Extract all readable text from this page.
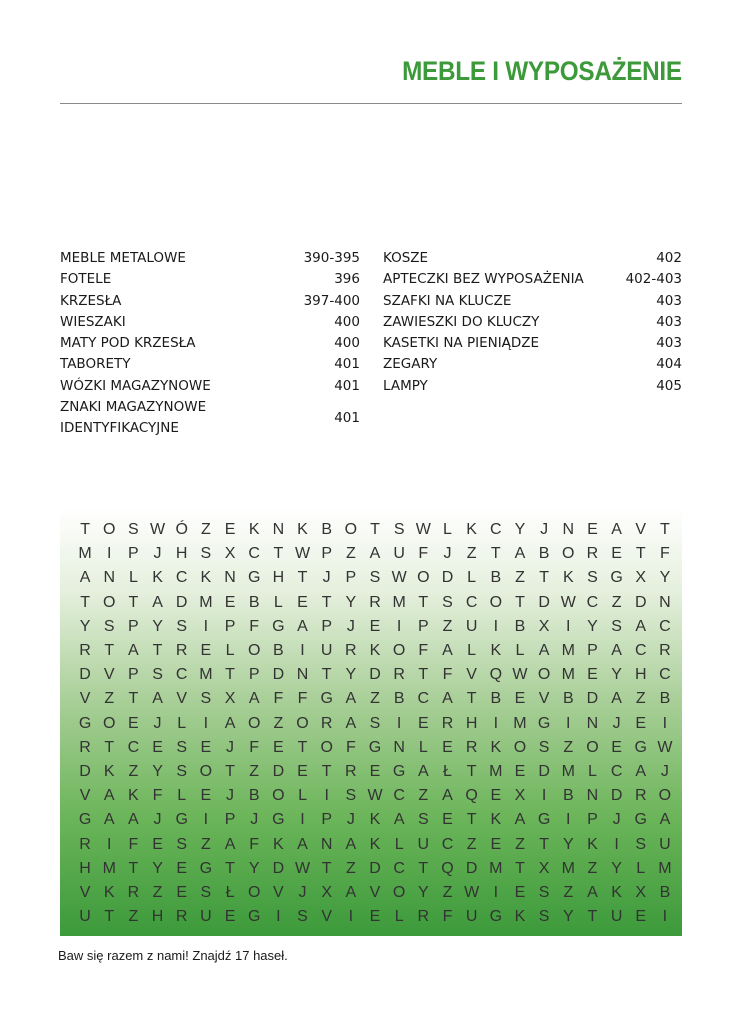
MEBLE I WYPOSAŻENIE
MEBLE METALOWE	390-395
FOTELE	396
KRZESŁA	397-400
WIESZAKI	400
MATY POD KRZESŁA	400
TABORETY	401
WÓZKI MAGAZYNOWE	401
ZNAKI MAGAZYNOWE IDENTYFIKACYJNE
401
KOSZE	402
APTECZKI BEZ WYPOSAŻENIA	402-403
SZAFKI NA KLUCZE	403
ZAWIESZKI DO KLUCZY	403
KASETKI NA PIENIĄDZE	403
ZEGARY	404
LAMPY	405
T O S W Ó Z E K N K B O T S W L K C Y J N E A V T
M I	P J H S X C T W P Z A U F J Z T A B O R E T F
A N L K C K N G H T J P S W O D L B Z T K S G X Y
T O T A D M E B L E T Y R M T S C O T D W C Z D N
Y S P Y S	I	P F G A P J E	I	P Z U	I	B X	I	Y S A C
R T A T R E L O B	I	U R K O F A L K L A M P A C R
D V P S C M T P D N T Y D R T F V Q W O M E Y H C
V Z T A V S X A F F G A Z B C A T B E V B D A Z B
G O E J L	I	A O Z O R A S	I	E R H	I M G I	N J E	I
R T C E S E J F E T O F G N L E R K O S Z O E G W
D K Z Y S O T Z D E T R E G A Ł T M E D M L C A J
V A K F L E J B O L	I	S W C Z A Q E X	I	B N D R O
G A A J G I	P J G I	P J K A S E T K A G I	P J G A
R	I	F E S Z A F K A N A K L U C Z E Z T Y K	I	S U
H M T Y E G T Y D W T Z D C T Q D M T X M Z Y L M
V K R Z E S Ł O V J X A V O Y Z W I	E S Z A K X B
U T Z H R U E G I	S V	I	E L R F U G K S Y T U E	I
Baw się razem z nami! Znajdź 17 haseł.
